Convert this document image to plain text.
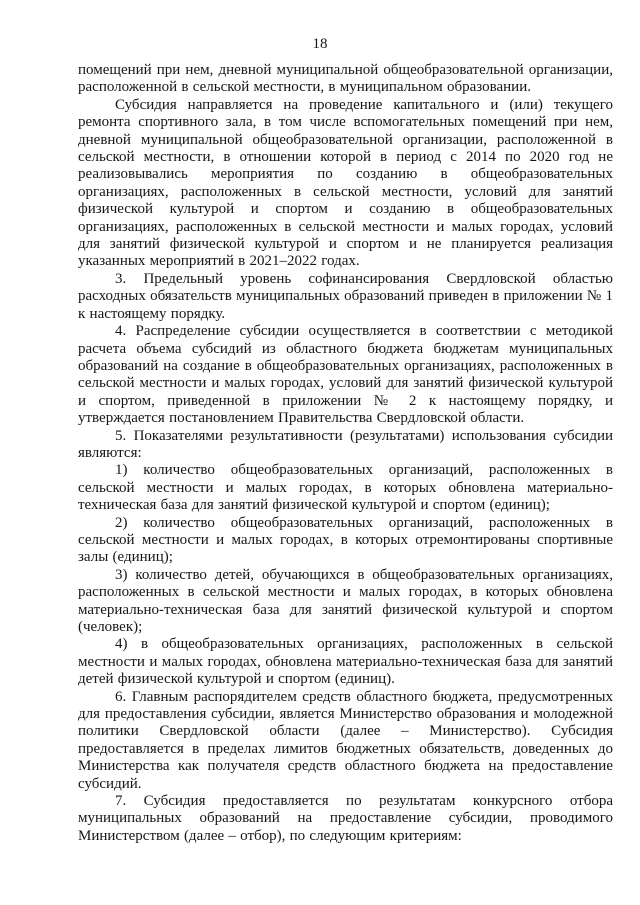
18

помещений при нем, дневной муниципальной общеобразовательной организации, расположенной в сельской местности, в муниципальном образовании.

Субсидия направляется на проведение капитального и (или) текущего ремонта спортивного зала, в том числе вспомогательных помещений при нем, дневной муниципальной общеобразовательной организации, расположенной в сельской местности, в отношении которой в период с 2014 по 2020 год не реализовывались мероприятия по созданию в общеобразовательных организациях, расположенных в сельской местности, условий для занятий физической культурой и спортом и созданию в общеобразовательных организациях, расположенных в сельской местности и малых городах, условий для занятий физической культурой и спортом и не планируется реализация указанных мероприятий в 2021–2022 годах.

3. Предельный уровень софинансирования Свердловской областью расходных обязательств муниципальных образований приведен в приложении № 1 к настоящему порядку.

4. Распределение субсидии осуществляется в соответствии с методикой расчета объема субсидий из областного бюджета бюджетам муниципальных образований на создание в общеобразовательных организациях, расположенных в сельской местности и малых городах, условий для занятий физической культурой и спортом, приведенной в приложении № 2 к настоящему порядку, и утверждается постановлением Правительства Свердловской области.

5. Показателями результативности (результатами) использования субсидии являются:

1) количество общеобразовательных организаций, расположенных в сельской местности и малых городах, в которых обновлена материально-техническая база для занятий физической культурой и спортом (единиц);

2) количество общеобразовательных организаций, расположенных в сельской местности и малых городах, в которых отремонтированы спортивные залы (единиц);

3) количество детей, обучающихся в общеобразовательных организациях, расположенных в сельской местности и малых городах, в которых обновлена материально-техническая база для занятий физической культурой и спортом (человек);

4) в общеобразовательных организациях, расположенных в сельской местности и малых городах, обновлена материально-техническая база для занятий детей физической культурой и спортом (единиц).

6. Главным распорядителем средств областного бюджета, предусмотренных для предоставления субсидии, является Министерство образования и молодежной политики Свердловской области (далее – Министерство). Субсидия предоставляется в пределах лимитов бюджетных обязательств, доведенных до Министерства как получателя средств областного бюджета на предоставление субсидий.

7. Субсидия предоставляется по результатам конкурсного отбора муниципальных образований на предоставление субсидии, проводимого Министерством (далее – отбор), по следующим критериям:
